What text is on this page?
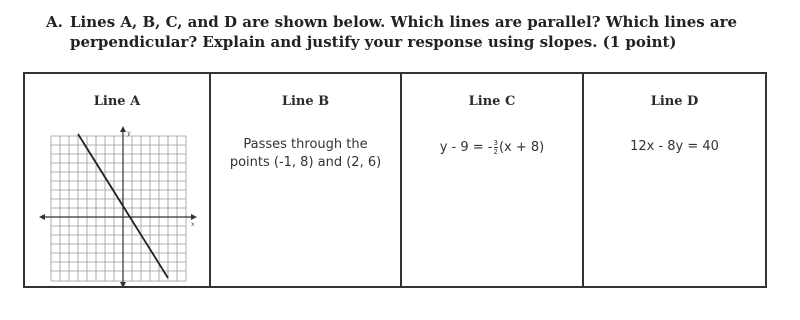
A. Lines A, B, C, and D are shown below. Which lines are parallel? Which lines are
perpendicular? Explain and justify your response using slopes. (1 point)
Line A
y
x
Line B
Passes through the
points (-1, 8) and (2, 6)
Line C
y - 9 = - $\frac{3}{2} (x + 8)$
Line D
12x - 8y = 40
